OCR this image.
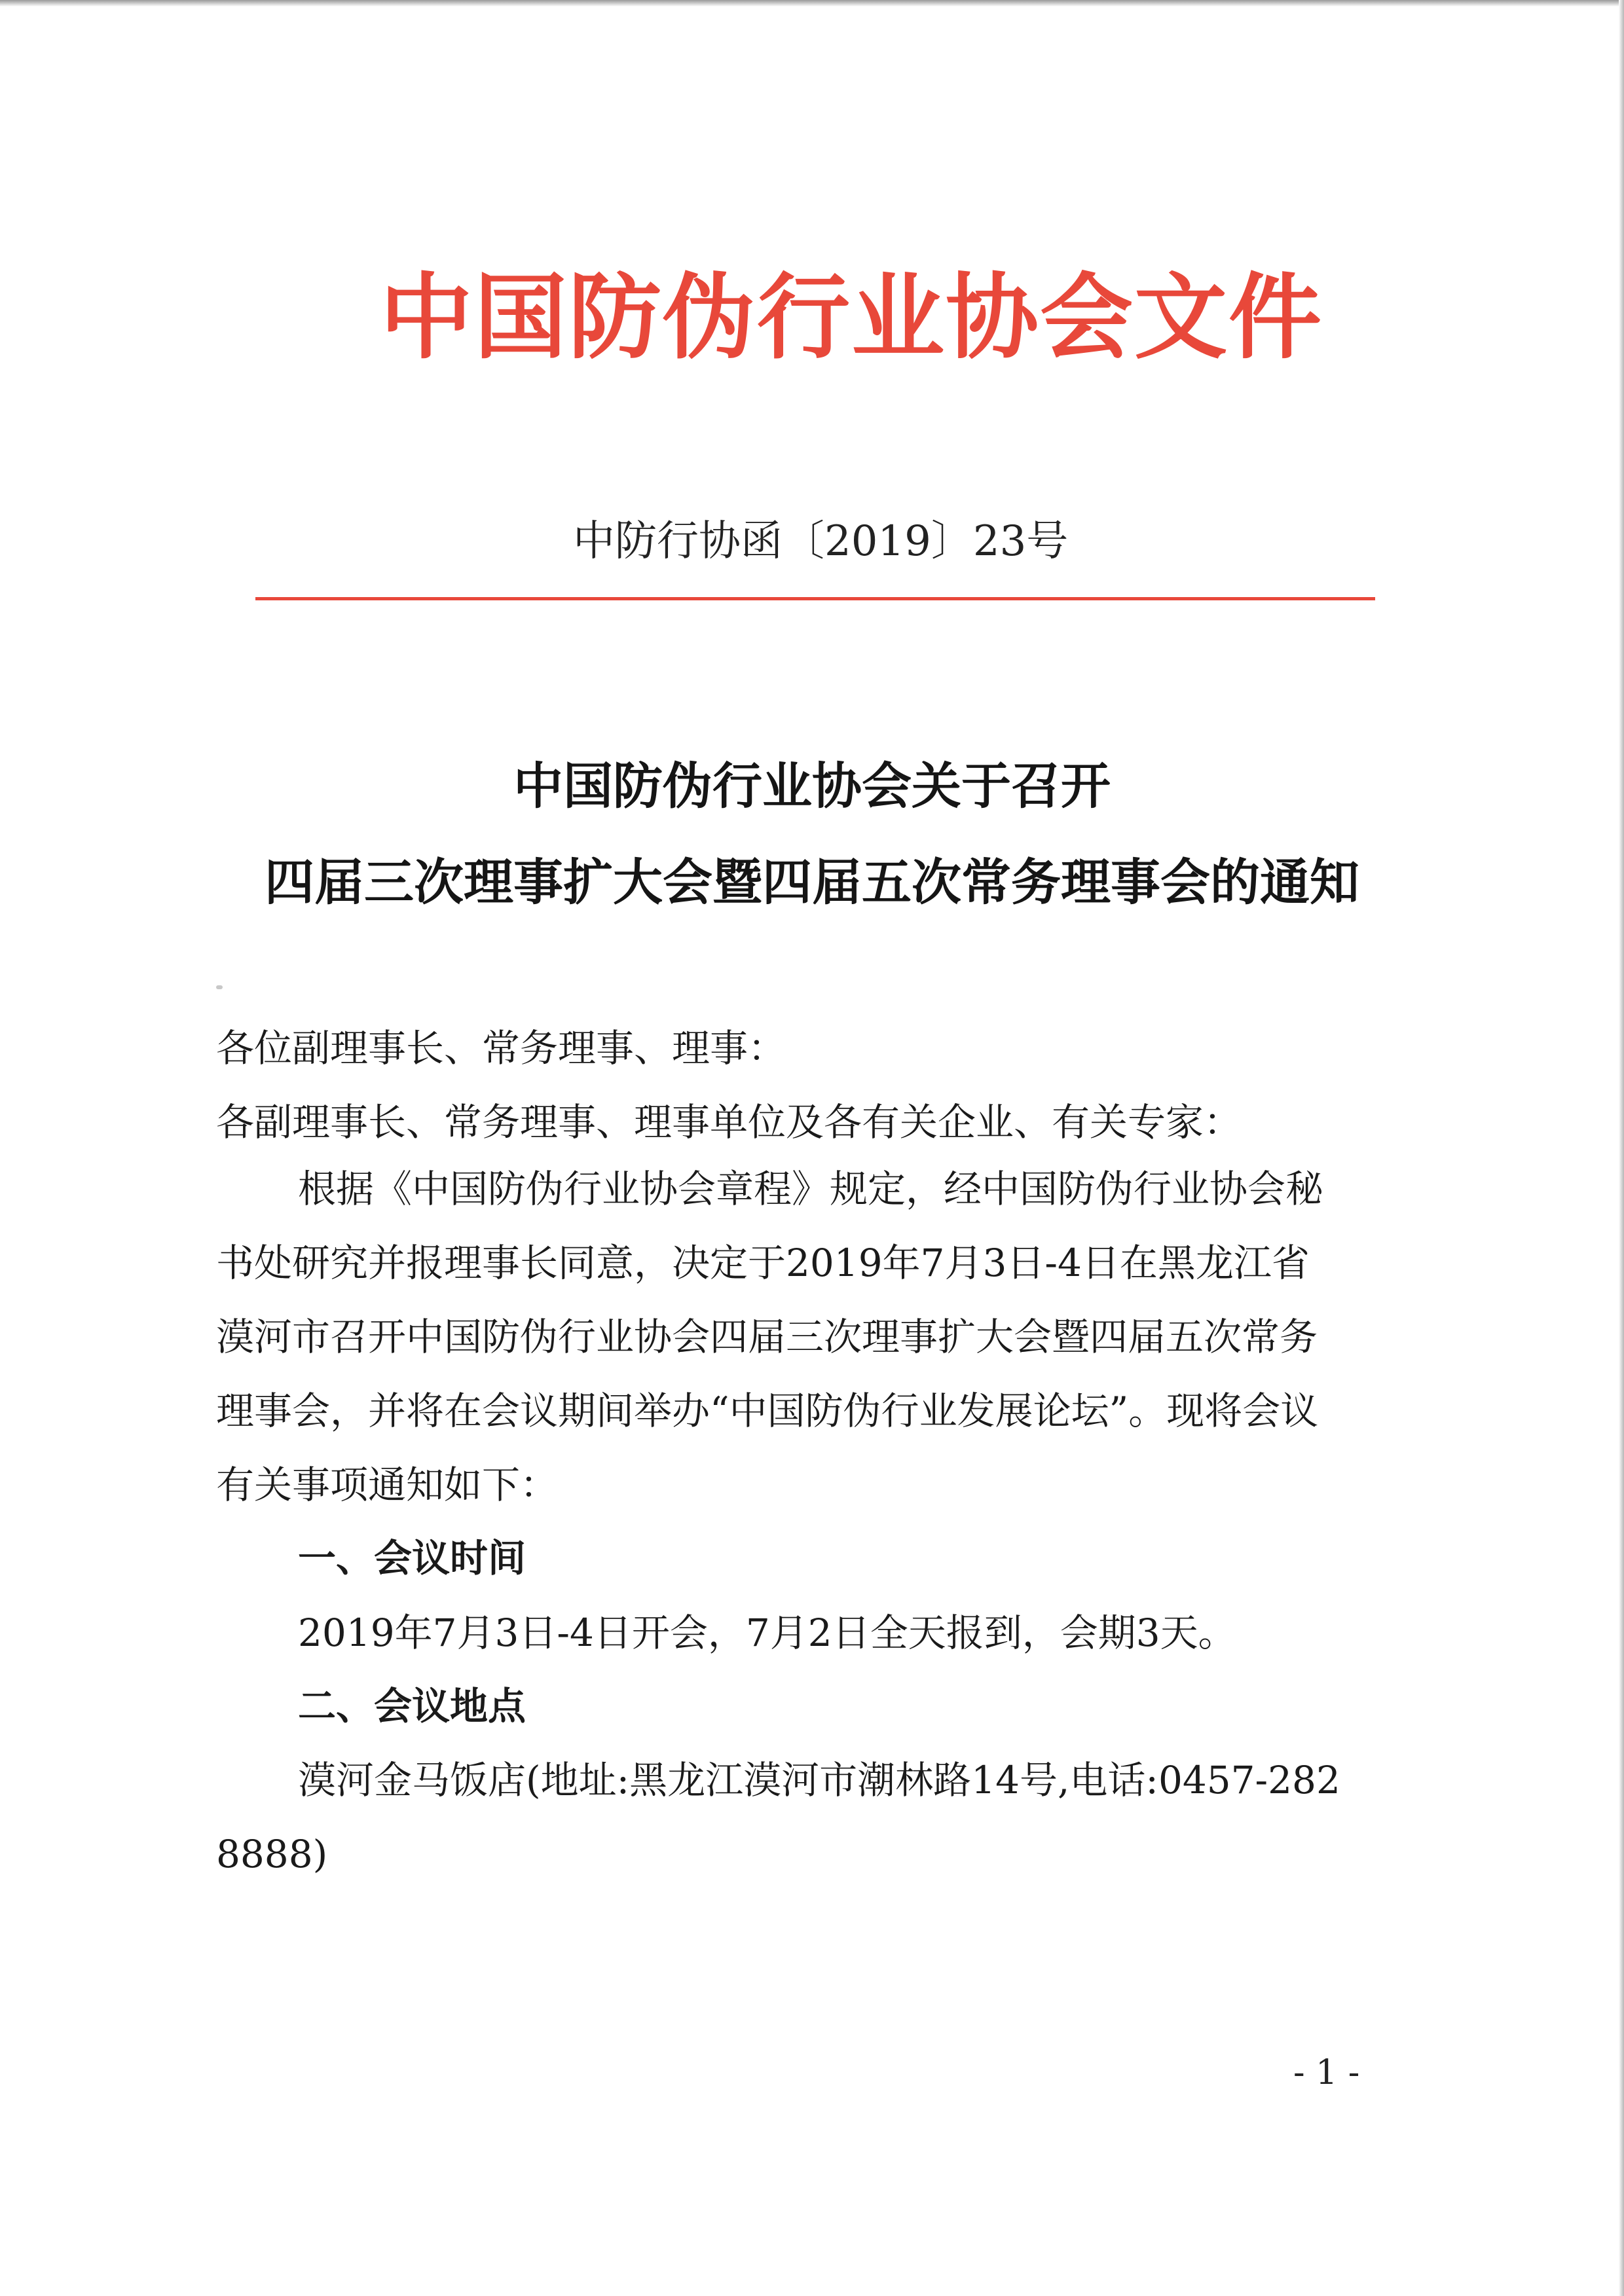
中国防伪行业协会文件
中防行协函〔2019〕23号
中国防伪行业协会关于召开
四届三次理事扩大会暨四届五次常务理事会的通知
各位副理事长、常务理事、理事：
各副理事长、常务理事、理事单位及各有关企业、有关专家：
根据《中国防伪行业协会章程》规定，经中国防伪行业协会秘
书处研究并报理事长同意，决定于2019年7月3日-4日在黑龙江省
漠河市召开中国防伪行业协会四届三次理事扩大会暨四届五次常务
理事会，并将在会议期间举办“中国防伪行业发展论坛”。现将会议
有关事项通知如下：
一、会议时间
2019年7月3日-4日开会，7月2日全天报到，会期3天。
二、会议地点
漠河金马饭店(地址:黑龙江漠河市潮林路14号,电话:0457-282
8888)
- 1 -
